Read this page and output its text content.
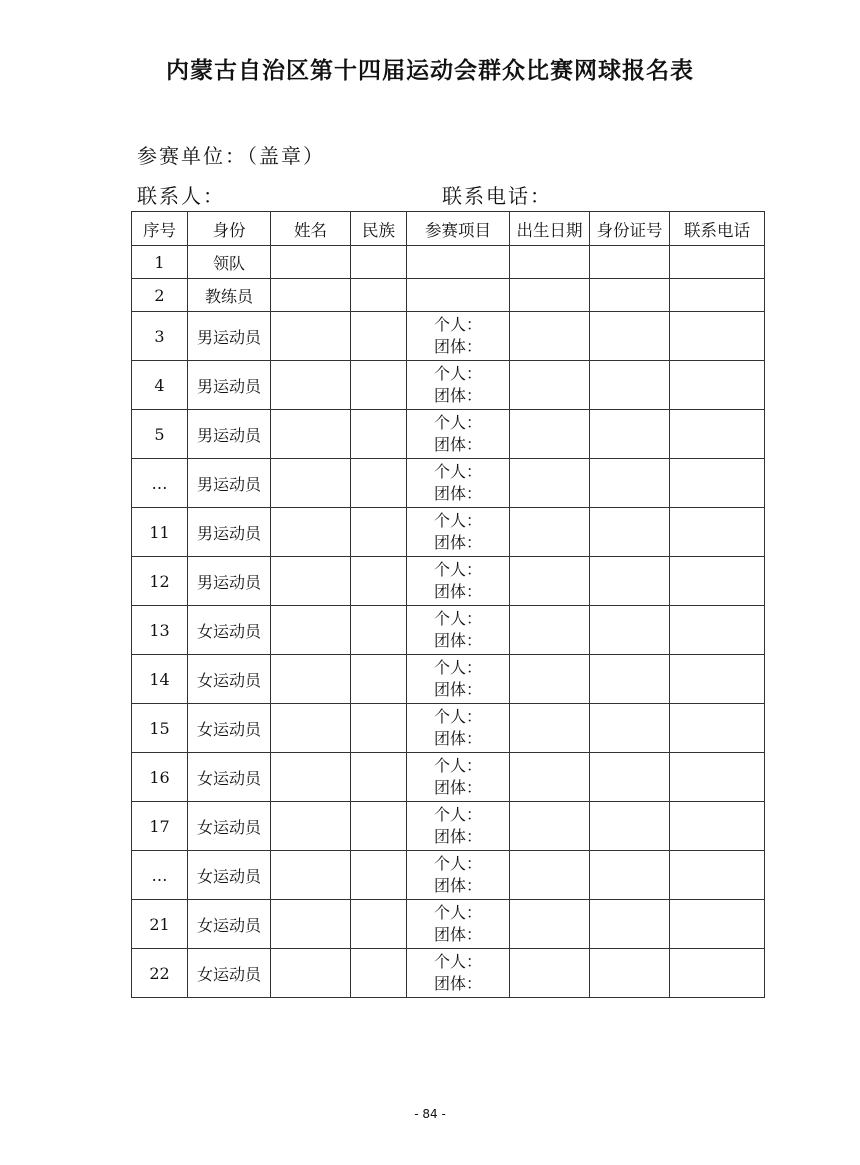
内蒙古自治区第十四届运动会群众比赛网球报名表
参赛单位：（盖章）
联系人：	联系电话：
序号	身份	姓名	民族	参赛项目	出生日期	身份证号	联系电话
1	领队			

2	教练员			

3	男运动员			个人：
团体：			

4	男运动员			个人：
团体：			

5	男运动员			个人：
团体：			

…	男运动员			个人：
团体：			

11	男运动员			个人：
团体：			

12	男运动员			个人：
团体：			

13	女运动员			个人：
团体：			

14	女运动员			个人：
团体：			

15	女运动员			个人：
团体：			

16	女运动员			个人：
团体：			

17	女运动员			个人：
团体：			

…	女运动员			个人：
团体：			

21	女运动员			个人：
团体：			

22	女运动员			个人：
团体：			

- 84 -
